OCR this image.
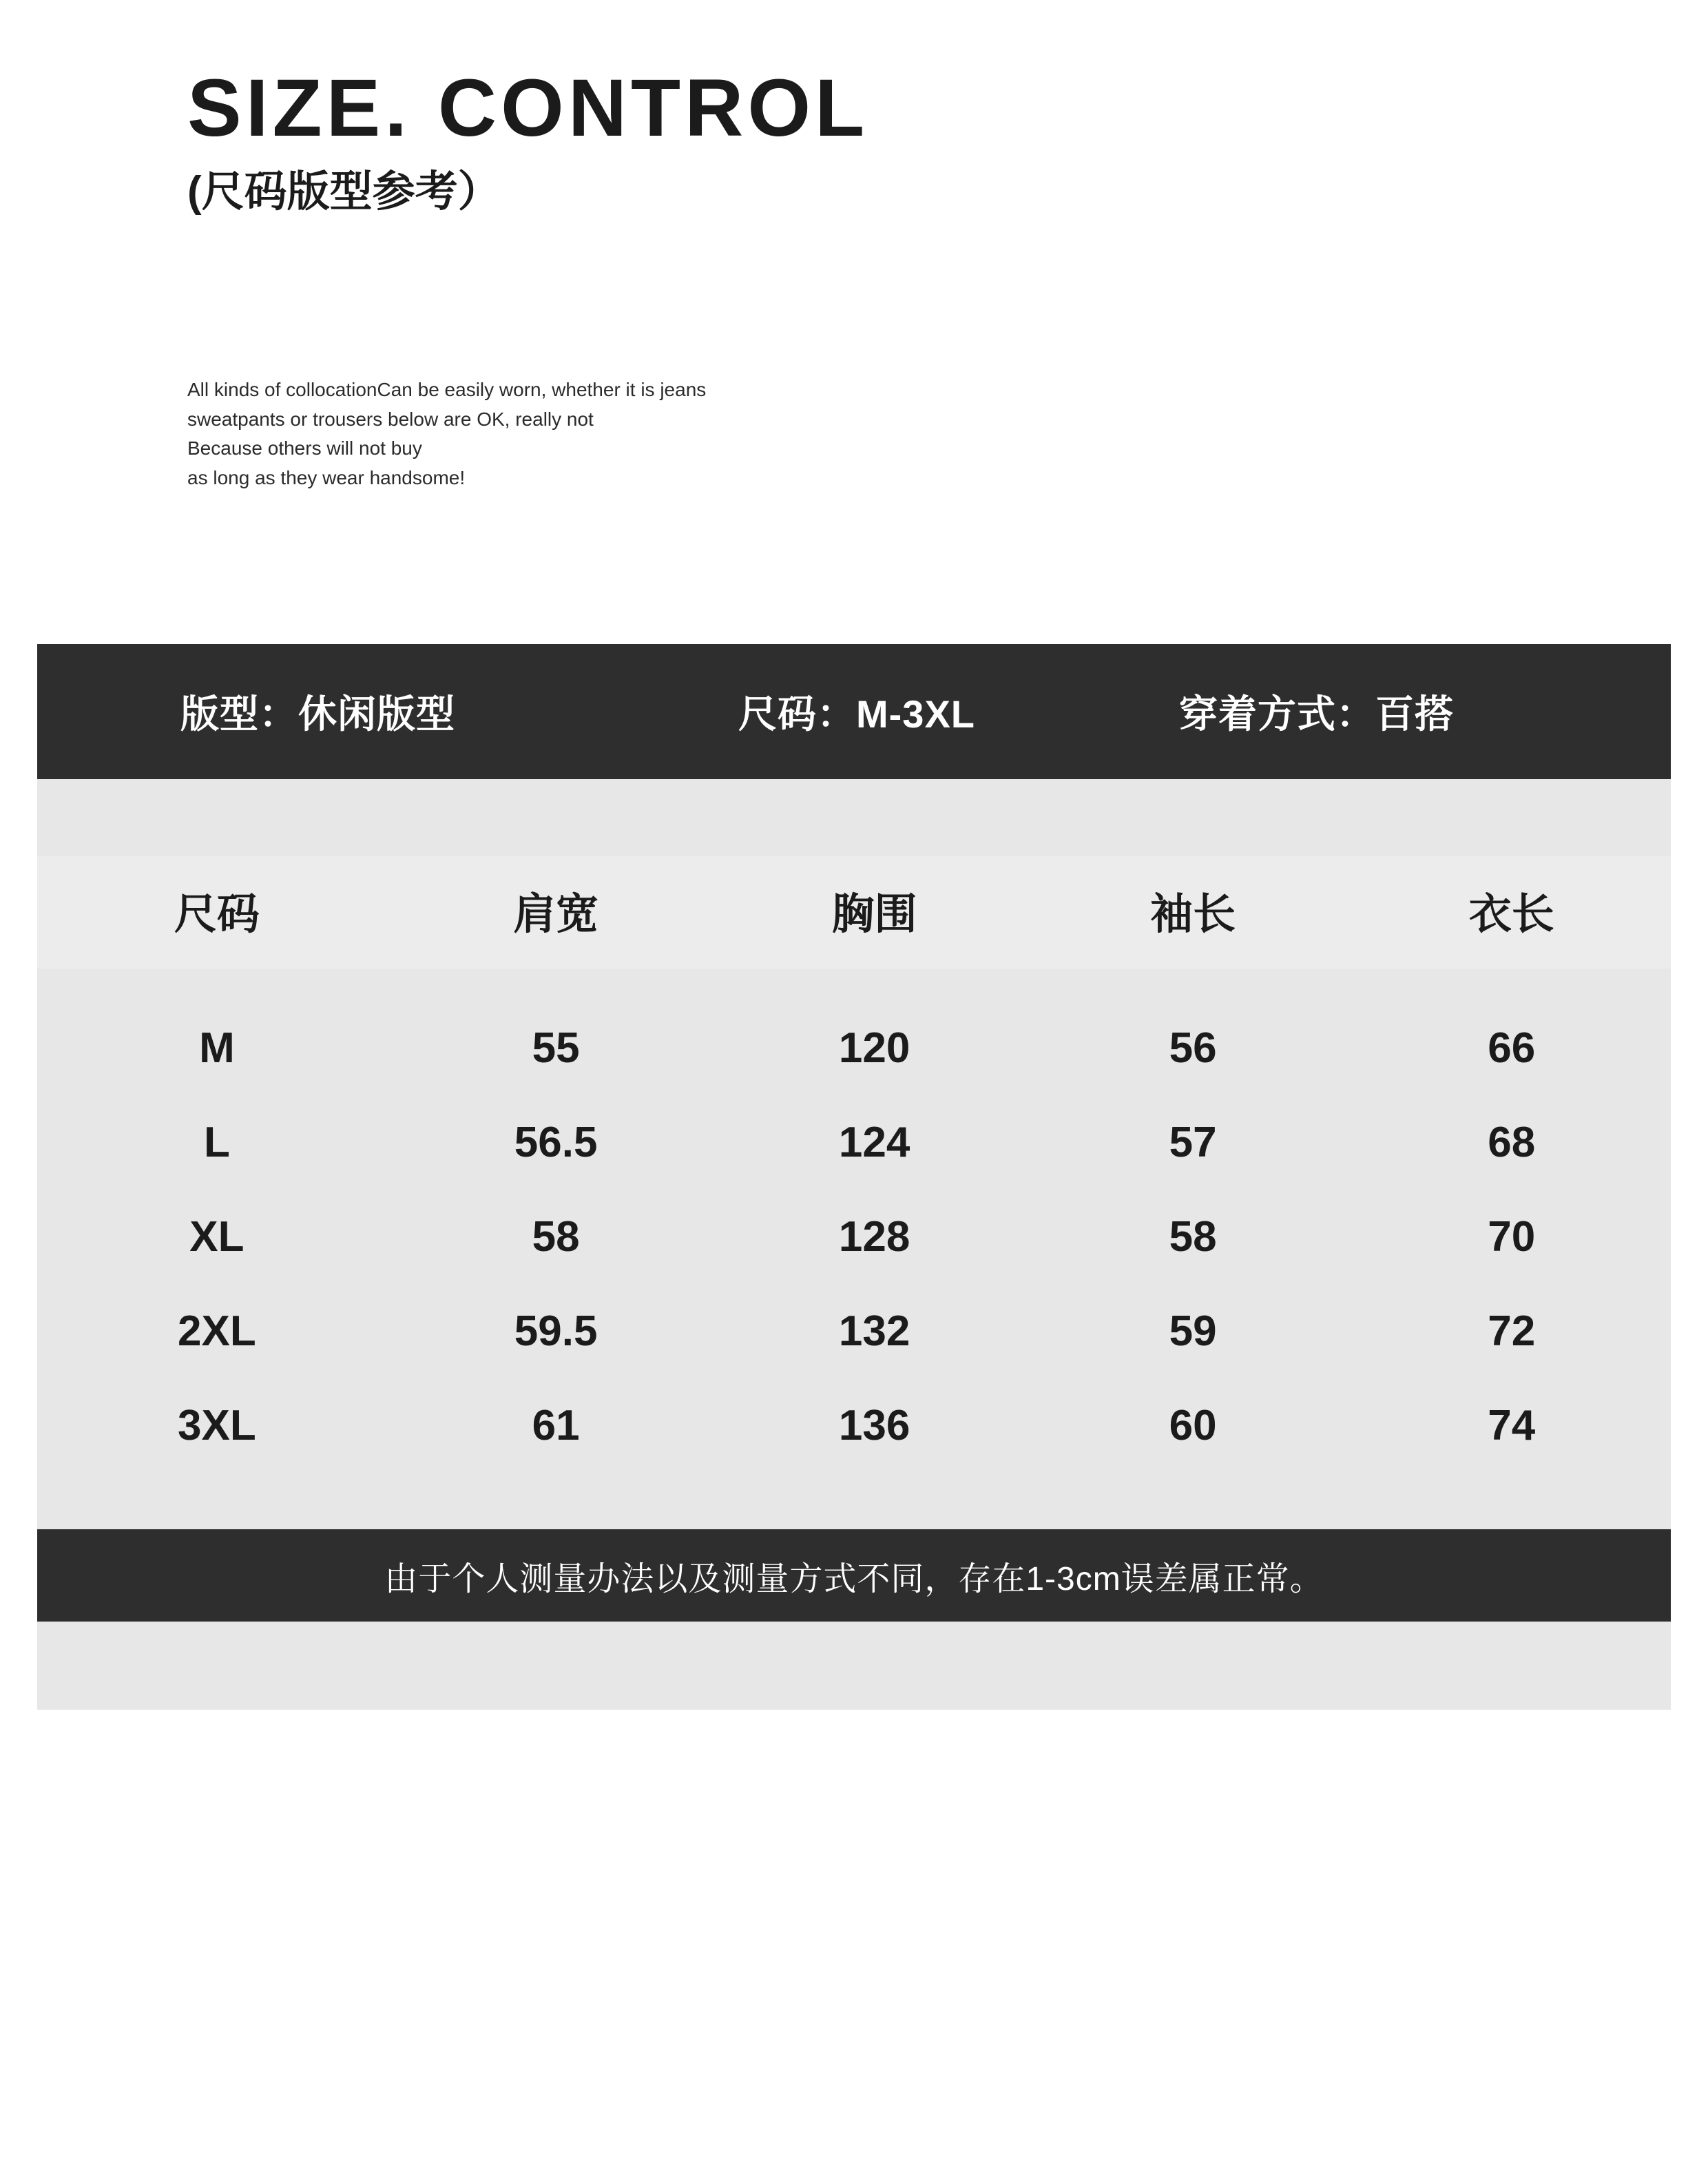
SIZE. CONTROL
(尺码版型参考）

All kinds of collocationCan be easily worn, whether it is jeans

sweatpants or trousers below are OK, really not

Because others will not buy

as long as they wear handsome!

版型：休闲版型	尺码：M-3XL	穿着方式：百搭
尺码	肩宽	胸围	袖长	衣长
M	55	120	56	66
L	56.5	124	57	68
XL	58	128	58	70
2XL	59.5	132	59	72
3XL	61	136	60	74
由于个人测量办法以及测量方式不同，存在1-3cm误差属正常。
